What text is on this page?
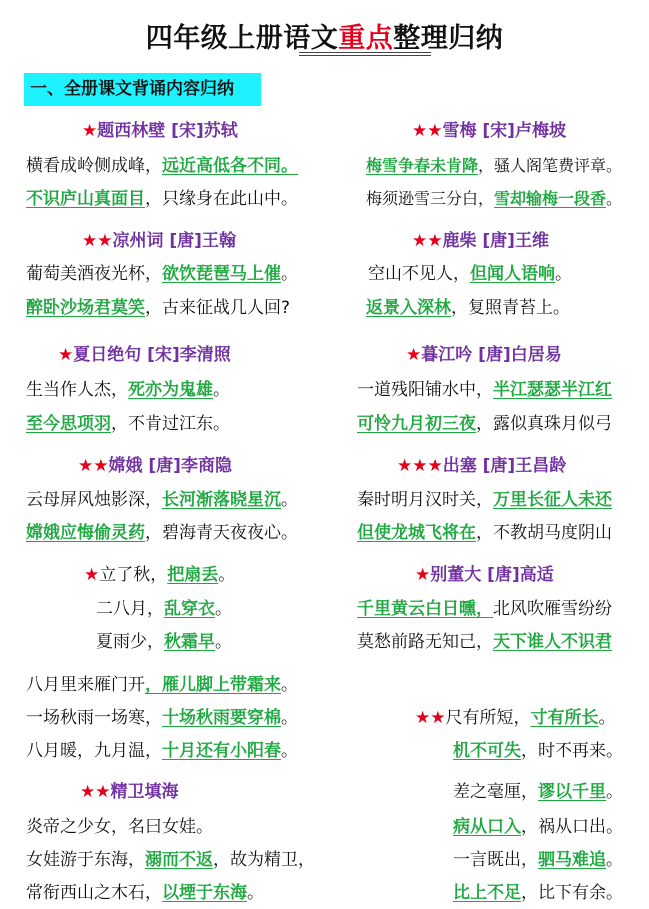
四年级上册语文重点整理归纳
一、全册课文背诵内容归纳
★题西林壁 [宋]苏轼
横看成岭侧成峰，远近高低各不同。
不识庐山真面目，只缘身在此山中。
★★雪梅 [宋]卢梅坡
梅雪争春未肯降，骚人阁笔费评章。
梅须逊雪三分白，雪却输梅一段香。
★★凉州词 [唐]王翰
葡萄美酒夜光杯，欲饮琵琶马上催。
醉卧沙场君莫笑，古来征战几人回?
★★鹿柴 [唐]王维
空山不见人，但闻人语响。
返景入深林，复照青苔上。
★夏日绝句 [宋]李清照
生当作人杰，死亦为鬼雄。
至今思项羽，不肯过江东。
★暮江吟 [唐]白居易
一道残阳铺水中，半江瑟瑟半江红
可怜九月初三夜，露似真珠月似弓
★★嫦娥 [唐]李商隐
云母屏风烛影深，长河渐落晓星沉。
嫦娥应悔偷灵药，碧海青天夜夜心。
★★★出塞 [唐]王昌龄
秦时明月汉时关，万里长征人未还
但使龙城飞将在，不教胡马度阴山
★立了秋，把扇丢。
二八月，乱穿衣。
夏雨少，秋霜早。
★别董大 [唐]高适
千里黄云白日曛，北风吹雁雪纷纷
莫愁前路无知己，天下谁人不识君
八月里来雁门开，雁儿脚上带霜来。
一场秋雨一场寒，十场秋雨要穿棉。
八月暖，九月温，十月还有小阳春。
★★尺有所短，寸有所长。
机不可失，时不再来。
差之毫厘，谬以千里。
病从口入，祸从口出。
一言既出，驷马难追。
比上不足，比下有余。
★★精卫填海
炎帝之少女，名曰女娃。
女娃游于东海，溺而不返，故为精卫，
常衔西山之木石，以堙于东海。
